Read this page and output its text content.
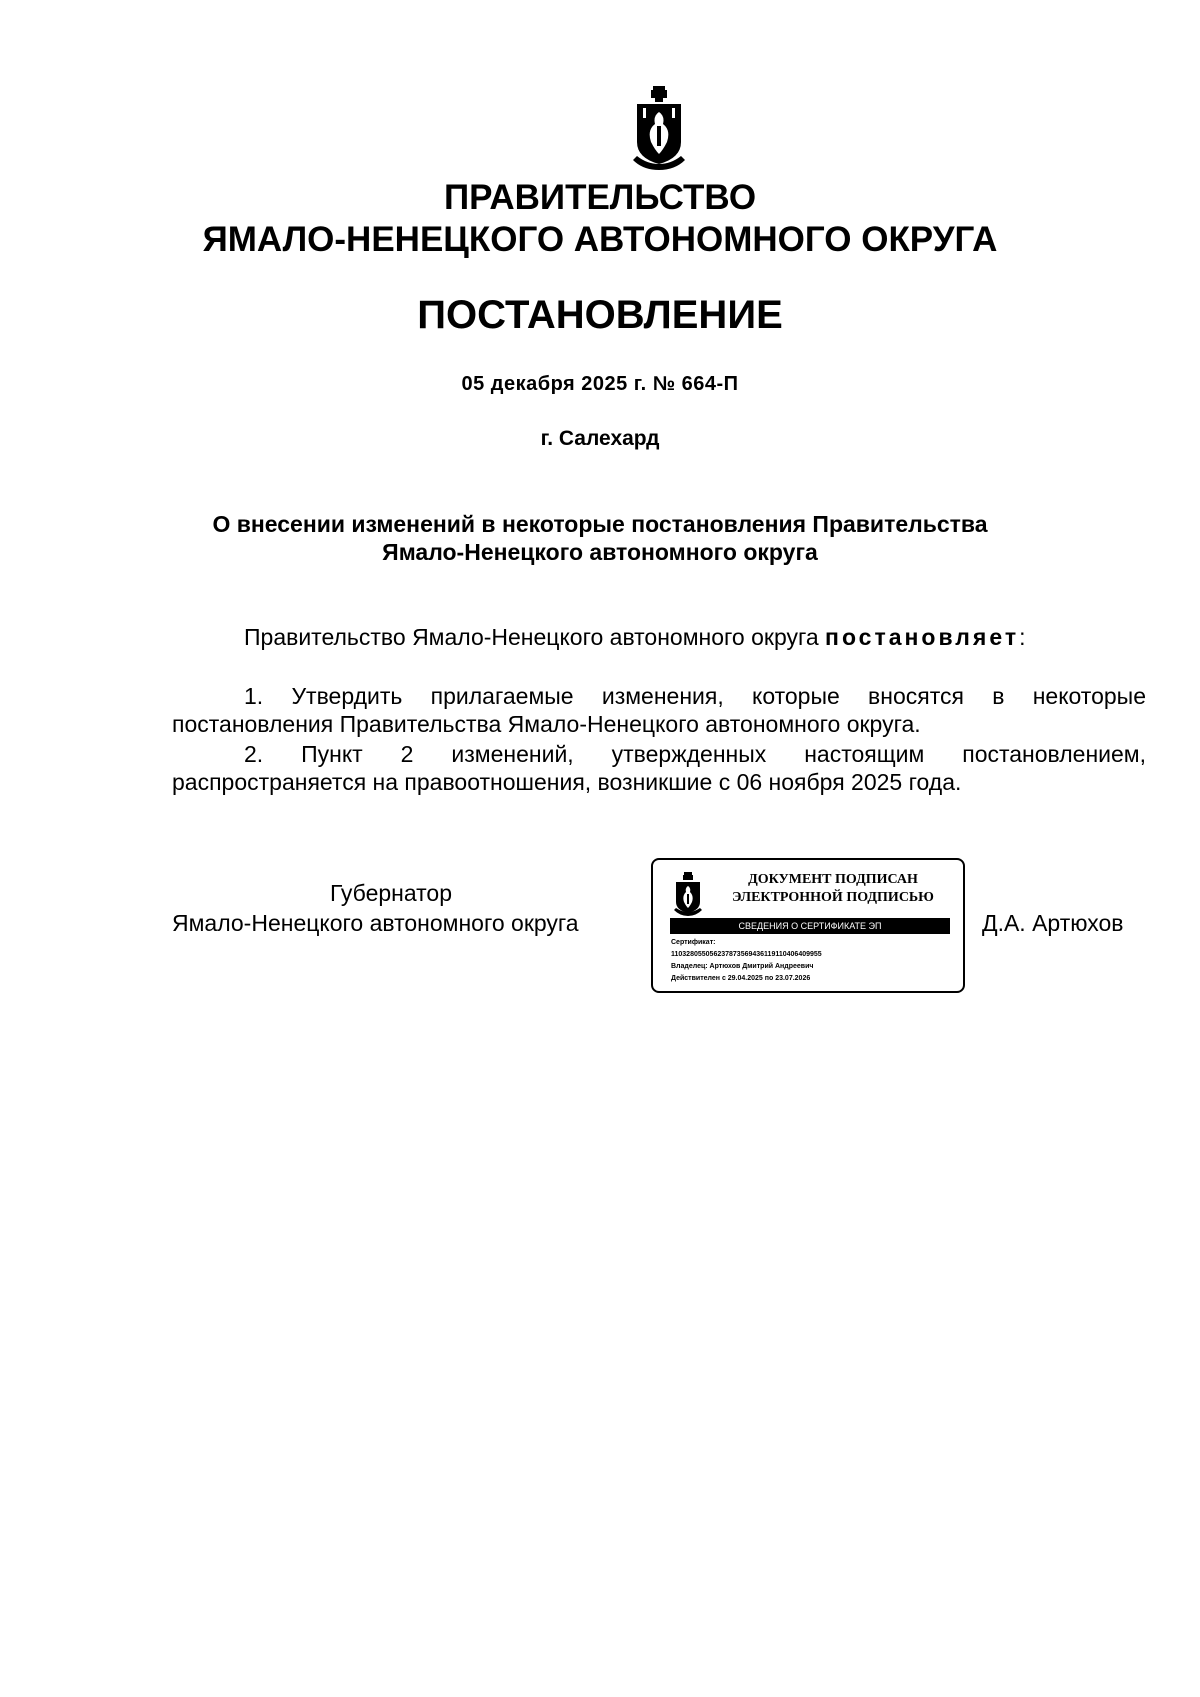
ПРАВИТЕЛЬСТВО
ЯМАЛО-НЕНЕЦКОГО АВТОНОМНОГО ОКРУГА
ПОСТАНОВЛЕНИЕ
05 декабря 2025 г. № 664-П
г. Салехард
О внесении изменений в некоторые постановления Правительства
Ямало-Ненецкого автономного округа
Правительство Ямало-Ненецкого автономного округа постановляет:
1. Утвердить прилагаемые изменения, которые вносятся в некоторые
постановления Правительства Ямало-Ненецкого автономного округа.
2. Пункт 2 изменений, утвержденных настоящим постановлением,
распространяется на правоотношения, возникшие с 06 ноября 2025 года.
Губернатор
Ямало-Ненецкого автономного округа	Д.А. Артюхов
ДОКУМЕНТ ПОДПИСАН
ЭЛЕКТРОННОЙ ПОДПИСЬЮ
СВЕДЕНИЯ О СЕРТИФИКАТЕ ЭП
Сертификат:
110328055056237873569436119110406409955
Владелец: Артюхов Дмитрий Андреевич
Действителен с 29.04.2025 по 23.07.2026
